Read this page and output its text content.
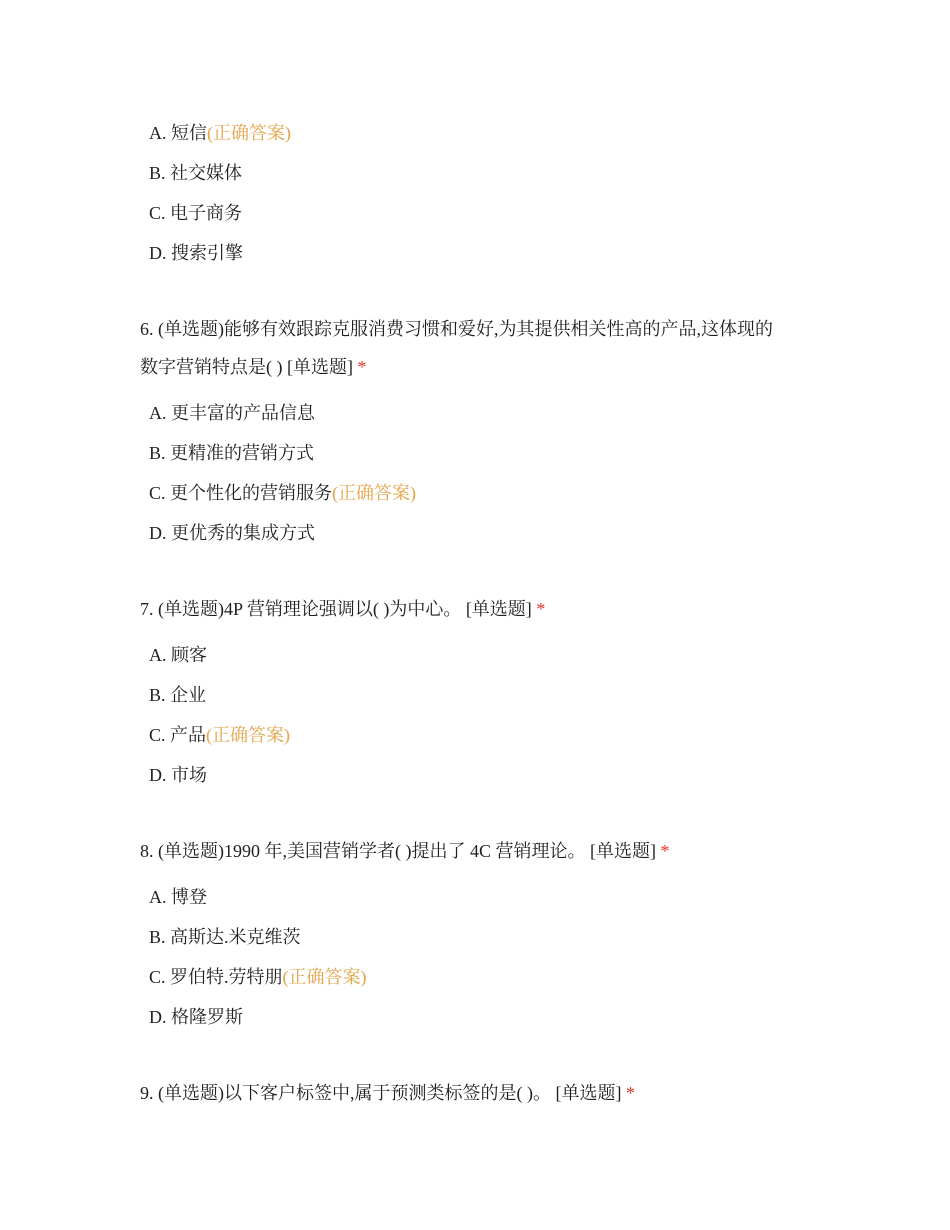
A. 短信(正确答案)
B. 社交媒体
C. 电子商务
D. 搜索引擎
6. (单选题)能够有效跟踪克服消费习惯和爱好,为其提供相关性高的产品,这体现的
数字营销特点是( ) [单选题] *
A. 更丰富的产品信息
B. 更精准的营销方式
C. 更个性化的营销服务(正确答案)
D. 更优秀的集成方式
7. (单选题)4P 营销理论强调以( )为中心。 [单选题] *
A. 顾客
B. 企业
C. 产品(正确答案)
D. 市场
8. (单选题)1990 年,美国营销学者( )提出了 4C 营销理论。 [单选题] *
A. 博登
B. 高斯达.米克维茨
C. 罗伯特.劳特朋(正确答案)
D. 格隆罗斯
9. (单选题)以下客户标签中,属于预测类标签的是( )。 [单选题] *
